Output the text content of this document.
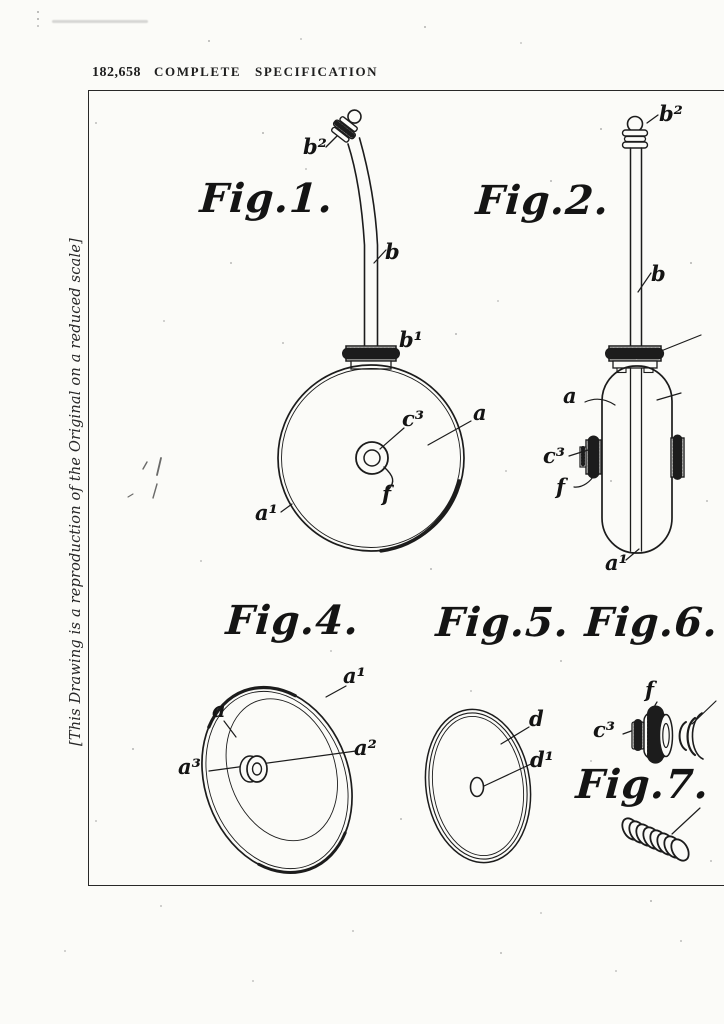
182,658 COMPLETE SPECIFICATION
[This Drawing is a reproduction of the Original on a reduced scale]
Fig.1.	Fig.2.
Fig.4. Fig.5. Fig.6.
Fig.7.
b²
b
b¹
c³ a
f
a¹
b²
b
a
c³
f
a¹
a¹
a
a²
a³
d
d¹
f
c³
